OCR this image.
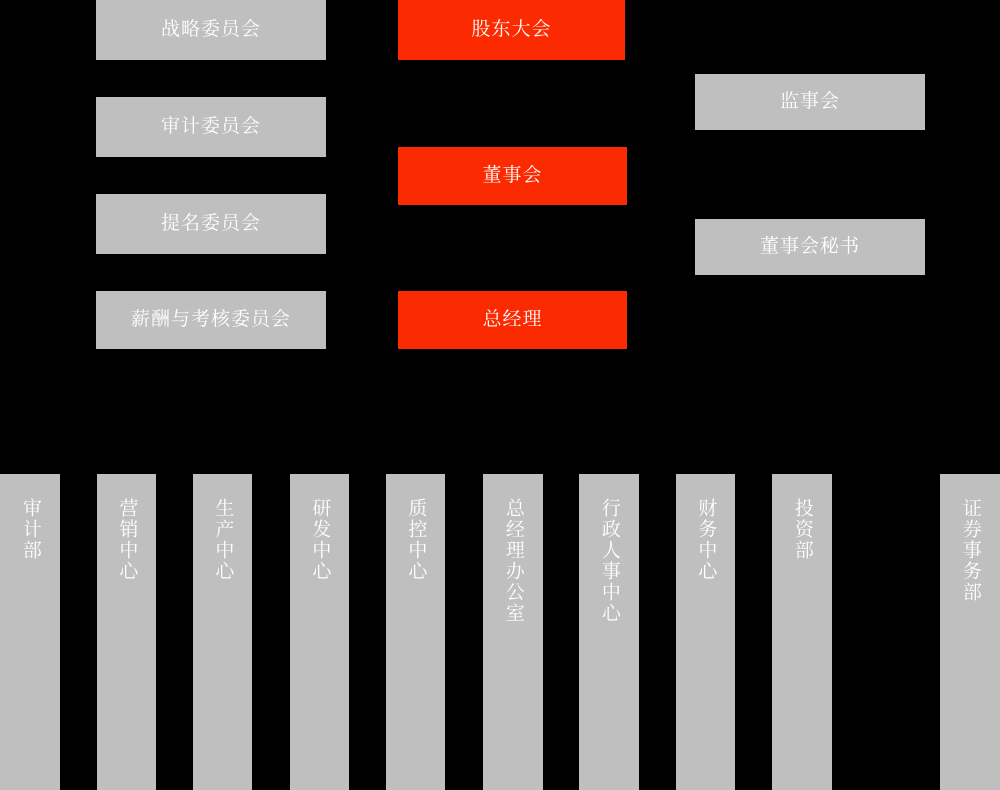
战略委员会
审计委员会
提名委员会
薪酬与考核委员会
股东大会
董事会
总经理
监事会
董事会秘书
审计部	营销中心	生产中心	研发中心	质控中心	总经理办公室	行政人事中心	财务中心	投资部	证券事务部
